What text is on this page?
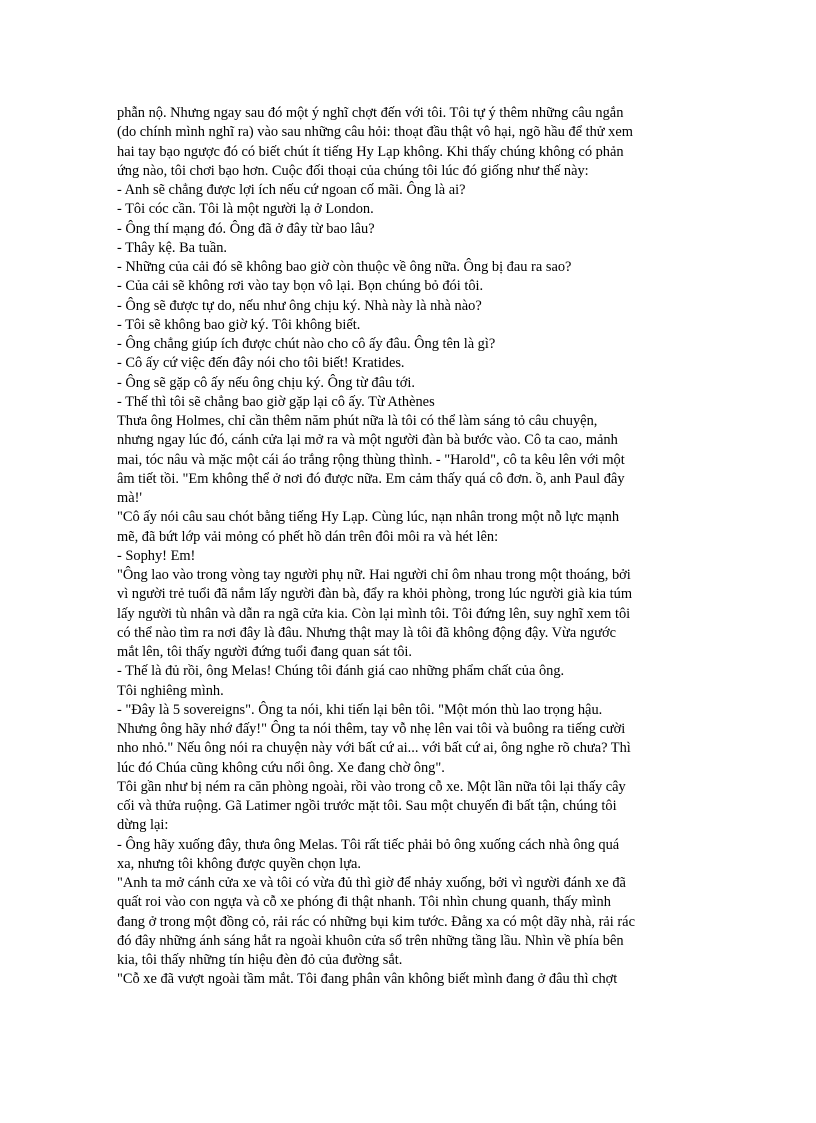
phẫn nộ. Nhưng ngay sau đó một ý nghĩ chợt đến với tôi. Tôi tự ý thêm những câu ngắn
(do chính mình nghĩ ra) vào sau những câu hỏi: thoạt đầu thật vô hại, ngõ hầu để thử xem
hai tay bạo ngược đó có biết chút ít tiếng Hy Lạp không. Khi thấy chúng không có phản
ứng nào, tôi chơi bạo hơn. Cuộc đối thoại của chúng tôi lúc đó giống như thế này:
- Anh sẽ chẳng được lợi ích nếu cứ ngoan cố mãi. Ông là ai?
- Tôi cóc cần. Tôi là một người lạ ở London.
- Ông thí mạng đó. Ông đã ở đây từ bao lâu?
- Thây kệ. Ba tuần.
- Những của cải đó sẽ không bao giờ còn thuộc về ông nữa. Ông bị đau ra sao?
- Của cải sẽ không rơi vào tay bọn vô lại. Bọn chúng bỏ đói tôi.
- Ông sẽ được tự do, nếu như ông chịu ký. Nhà này là nhà nào?
- Tôi sẽ không bao giờ ký. Tôi không biết.
- Ông chẳng giúp ích được chút nào cho cô ấy đâu. Ông tên là gì?
- Cô ấy cứ việc đến đây nói cho tôi biết! Kratides.
- Ông sẽ gặp cô ấy nếu ông chịu ký. Ông từ đâu tới.
- Thế thì tôi sẽ chẳng bao giờ gặp lại cô ấy. Từ Athènes
Thưa ông Holmes, chỉ cần thêm năm phút nữa là tôi có thể làm sáng tỏ câu chuyện,
nhưng ngay lúc đó, cánh cửa lại mở ra và một người đàn bà bước vào. Cô ta cao, mảnh
mai, tóc nâu và mặc một cái áo trắng rộng thùng thình. - "Harold", cô ta kêu lên với một
âm tiết tồi. "Em không thể ở nơi đó được nữa. Em cảm thấy quá cô đơn. ồ, anh Paul đây
mà!'
"Cô ấy nói câu sau chót bằng tiếng Hy Lạp. Cùng lúc, nạn nhân trong một nỗ lực mạnh
mẽ, đã bứt lớp vải mỏng có phết hồ dán trên đôi môi ra và hét lên:
- Sophy! Em!
"Ông lao vào trong vòng tay người phụ nữ. Hai người chỉ ôm nhau trong một thoáng, bởi
vì người trẻ tuổi đã nắm lấy người đàn bà, đẩy ra khỏi phòng, trong lúc người già kia túm
lấy người tù nhân và dẫn ra ngã cửa kia. Còn lại mình tôi. Tôi đứng lên, suy nghĩ xem tôi
có thể nào tìm ra nơi đây là đâu. Nhưng thật may là tôi đã không động đậy. Vừa ngước
mắt lên, tôi thấy người đứng tuổi đang quan sát tôi.
- Thế là đủ rồi, ông Melas! Chúng tôi đánh giá cao những phẩm chất của ông.
Tôi nghiêng mình.
- "Đây là 5 sovereigns". Ông ta nói, khi tiến lại bên tôi. "Một món thù lao trọng hậu.
Nhưng ông hãy nhớ đấy!" Ông ta nói thêm, tay vỗ nhẹ lên vai tôi và buông ra tiếng cười
nho nhỏ." Nếu ông nói ra chuyện này với bất cứ ai... với bất cứ ai, ông nghe rõ chưa? Thì
lúc đó Chúa cũng không cứu nổi ông. Xe đang chờ ông".
Tôi gần như bị ném ra căn phòng ngoài, rồi vào trong cỗ xe. Một lần nữa tôi lại thấy cây
cối và thửa ruộng. Gã Latimer ngồi trước mặt tôi. Sau một chuyến đi bất tận, chúng tôi
dừng lại:
- Ông hãy xuống đây, thưa ông Melas. Tôi rất tiếc phải bỏ ông xuống cách nhà ông quá
xa, nhưng tôi không được quyền chọn lựa.
"Anh ta mở cánh cửa xe và tôi có vừa đủ thì giờ để nhảy xuống, bởi vì người đánh xe đã
quất roi vào con ngựa và cỗ xe phóng đi thật nhanh. Tôi nhìn chung quanh, thấy mình
đang ở trong một đồng cỏ, rải rác có những bụi kim tước. Đằng xa có một dãy nhà, rải rác
đó đây những ánh sáng hắt ra ngoài khuôn cửa sổ trên những tầng lầu. Nhìn về phía bên
kia, tôi thấy những tín hiệu đèn đỏ của đường sắt.
"Cỗ xe đã vượt ngoài tầm mắt. Tôi đang phân vân không biết mình đang ở đâu thì chợt
